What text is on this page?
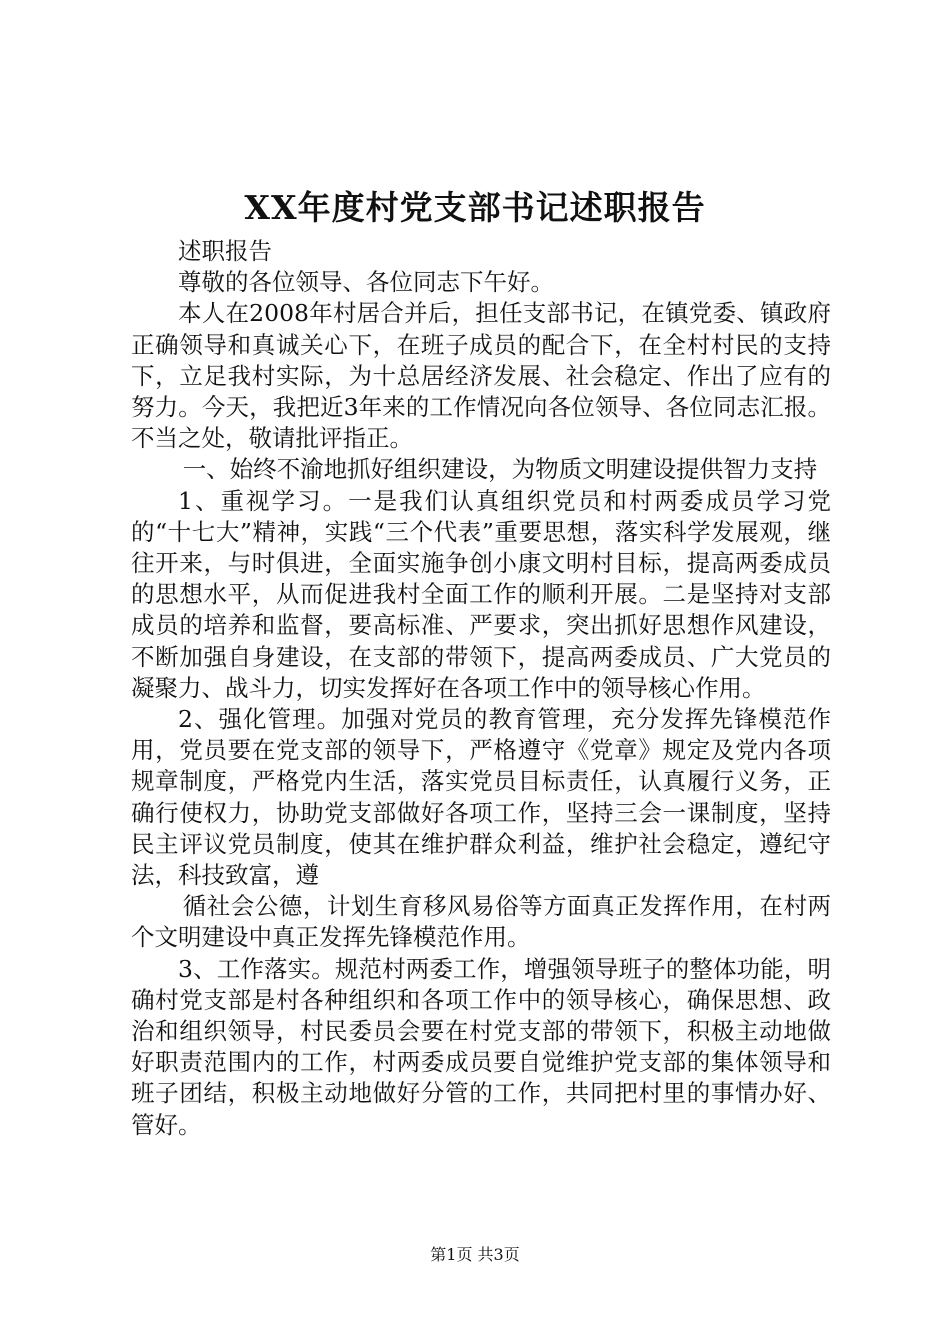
XX年度村党支部书记述职报告

述职报告

尊敬的各位领导、各位同志下午好。

本人在2008年村居合并后，担任支部书记，在镇党委、镇政府正确领导和真诚关心下，在班子成员的配合下，在全村村民的支持下，立足我村实际，为十总居经济发展、社会稳定、作出了应有的努力。今天，我把近3年来的工作情况向各位领导、各位同志汇报。不当之处，敬请批评指正。

一、始终不渝地抓好组织建设，为物质文明建设提供智力支持

1、重视学习。一是我们认真组织党员和村两委成员学习党的“十七大”精神，实践“三个代表”重要思想，落实科学发展观，继往开来，与时俱进，全面实施争创小康文明村目标，提高两委成员的思想水平，从而促进我村全面工作的顺利开展。二是坚持对支部成员的培养和监督，要高标准、严要求，突出抓好思想作风建设，不断加强自身建设，在支部的带领下，提高两委成员、广大党员的凝聚力、战斗力，切实发挥好在各项工作中的领导核心作用。

2、强化管理。加强对党员的教育管理，充分发挥先锋模范作用，党员要在党支部的领导下，严格遵守《党章》规定及党内各项规章制度，严格党内生活，落实党员目标责任，认真履行义务，正确行使权力，协助党支部做好各项工作，坚持三会一课制度，坚持民主评议党员制度，使其在维护群众利益，维护社会稳定，遵纪守法，科技致富，遵

循社会公德，计划生育移风易俗等方面真正发挥作用，在村两个文明建设中真正发挥先锋模范作用。

3、工作落实。规范村两委工作，增强领导班子的整体功能，明确村党支部是村各种组织和各项工作中的领导核心，确保思想、政治和组织领导，村民委员会要在村党支部的带领下，积极主动地做好职责范围内的工作，村两委成员要自觉维护党支部的集体领导和班子团结，积极主动地做好分管的工作，共同把村里的事情办好、管好。

第1页 共3页
